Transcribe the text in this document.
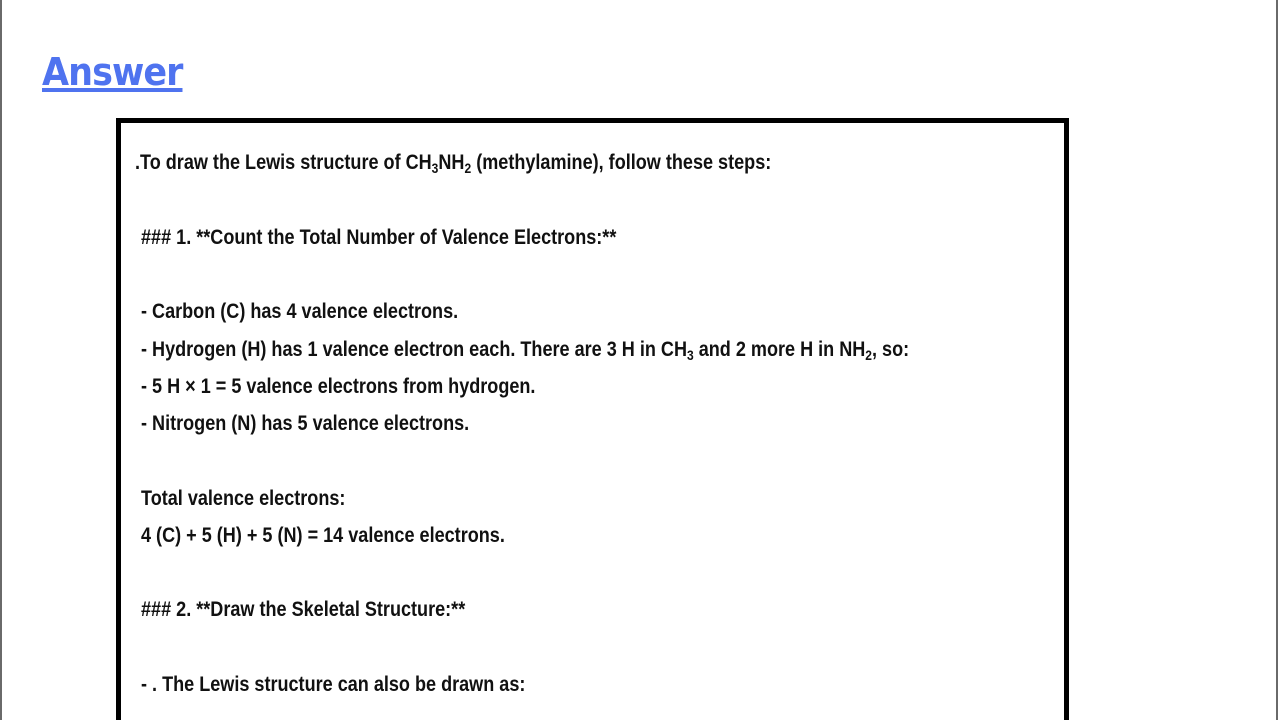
Answer

.To draw the Lewis structure of $CH_3NH_2$ (methylamine), follow these steps:

### 1. **Count the Total Number of Valence Electrons:**

- Carbon (C) has 4 valence electrons.

- Hydrogen (H) has 1 valence electron each. There are 3 H in $CH_3$ and 2 more H in $NH_2$, so:

- 5 H × 1 = 5 valence electrons from hydrogen.

- Nitrogen (N) has 5 valence electrons.

Total valence electrons:

4 (C) + 5 (H) + 5 (N) = 14 valence electrons.

### 2. **Draw the Skeletal Structure:**

- . The Lewis structure can also be drawn as:
